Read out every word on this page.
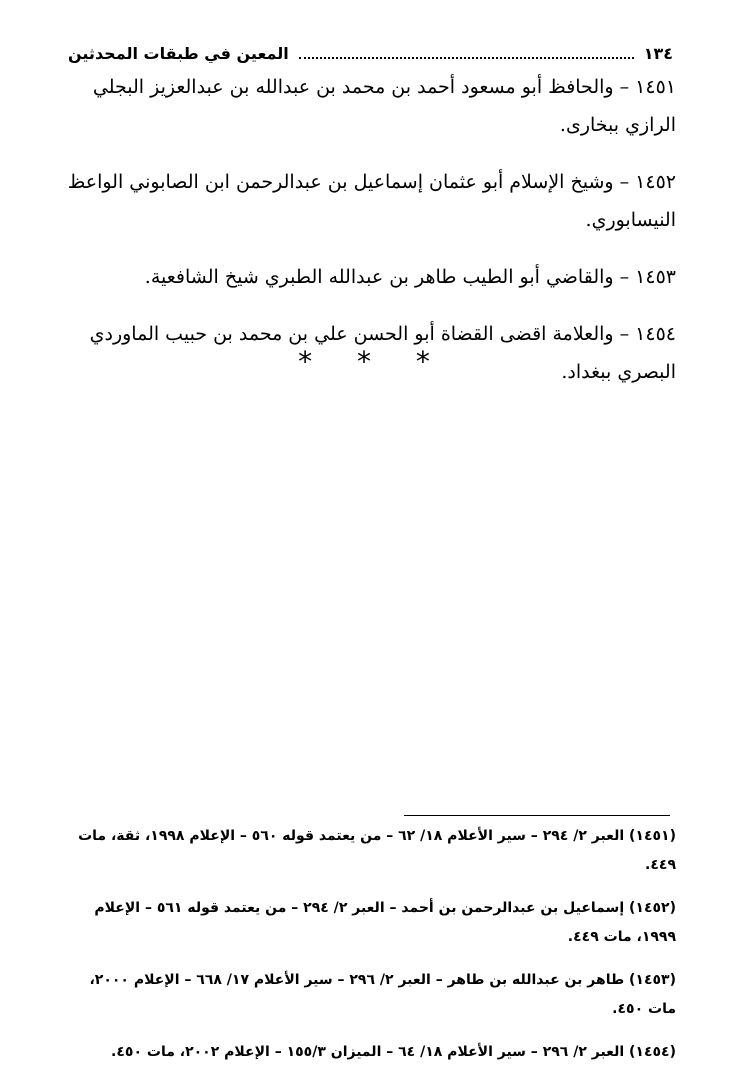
المعين في طبقات المحدثين	١٣٤

١٤٥١ – والحافظ أبو مسعود أحمد بن محمد بن عبدالله بن عبدالعزيز البجلي الرازي ببخارى.

١٤٥٢ – وشيخ الإسلام أبو عثمان إسماعيل بن عبدالرحمن ابن الصابوني الواعظ النيسابوري.

١٤٥٣ – والقاضي أبو الطيب طاهر بن عبدالله الطبري شيخ الشافعية.

١٤٥٤ – والعلامة اقضى القضاة أبو الحسن علي بن محمد بن حبيب الماوردي البصري ببغداد.

* * *

(١٤٥١) العبر ٢/ ٢٩٤ – سير الأعلام ١٨/ ٦٢ – من يعتمد قوله ٥٦٠ – الإعلام ١٩٩٨، ثقة، مات ٤٤٩.

(١٤٥٢) إسماعيل بن عبدالرحمن بن أحمد – العبر ٢/ ٢٩٤ – من يعتمد قوله ٥٦١ – الإعلام ١٩٩٩، مات ٤٤٩.

(١٤٥٣) طاهر بن عبدالله بن طاهر – العبر ٢/ ٢٩٦ – سير الأعلام ١٧/ ٦٦٨ – الإعلام ٢٠٠٠، مات ٤٥٠.

(١٤٥٤) العبر ٢/ ٢٩٦ – سير الأعلام ١٨/ ٦٤ – الميزان ١٥٥/٣ – الإعلام ٢٠٠٢، مات ٤٥٠.
